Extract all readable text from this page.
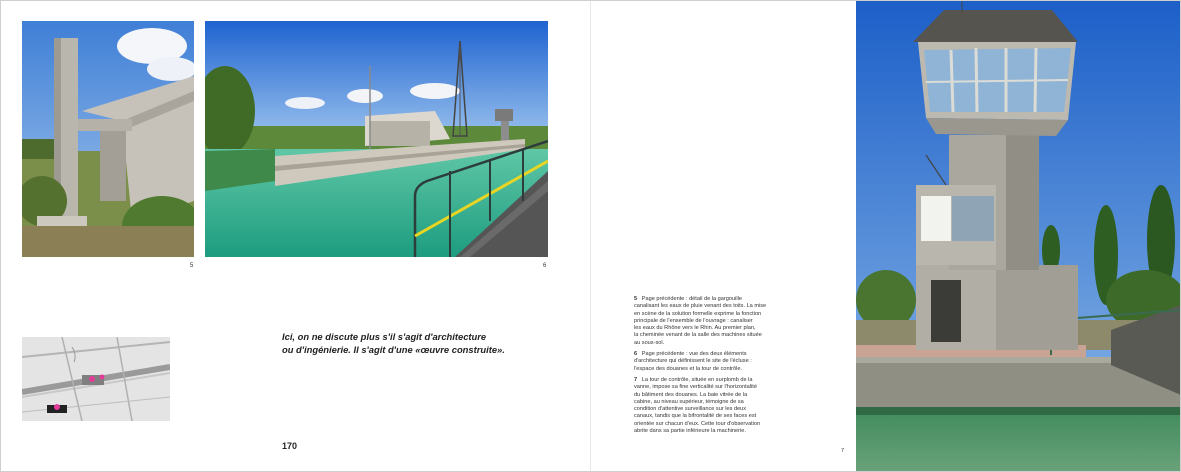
5	6
Ici, on ne discute plus s'il s'agit d'architecture
ou d'ingénierie. Il s'agit d'une «œuvre construite».
170
5 Page précédente : détail de la gargouille
canalisant les eaux de pluie venant des toits. La mise
en scène de la solution formelle exprime la fonction
principale de l'ensemble de l'ouvrage : canaliser
les eaux du Rhône vers le Rhin. Au premier plan,
la cheminée venant de la salle des machines située
au sous-sol.
6 Page précédente : vue des deux éléments
d'architecture qui définissent le site de l'écluse :
l'espace des douanes et la tour de contrôle.
7 La tour de contrôle, située en surplomb de la
vanne, impose sa fine verticalité sur l'horizontalité
du bâtiment des douanes. La baie vitrée de la
cabine, au niveau supérieur, témoigne de sa
condition d'attentive surveillance sur les deux
canaux, tandis que la bifrontalité de ses faces est
orientée sur chacun d'eux. Cette tour d'observation
abrite dans sa partie inférieure la machinerie.
7
